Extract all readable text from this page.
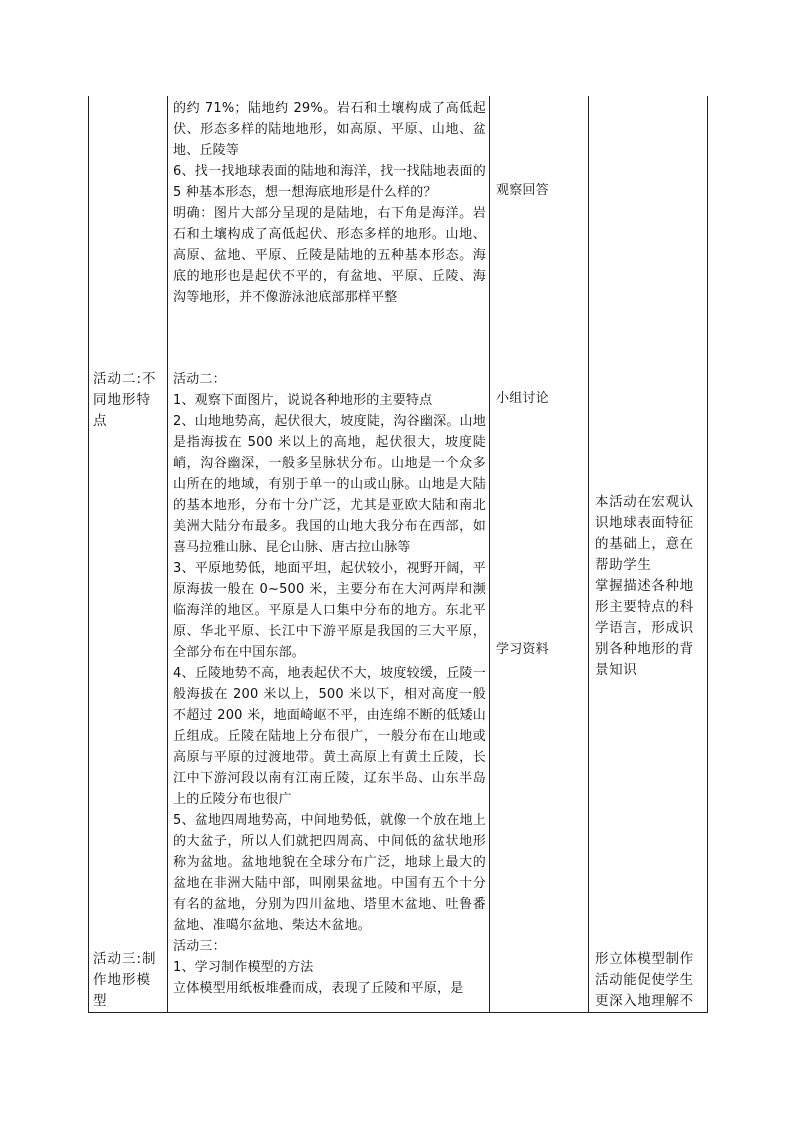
活动二:不同地形特点
活动三:制作地形模型

的约 71%；陆地约 29%。岩石和土壤构成了高低起伏、形态多样的陆地地形，如高原、平原、山地、盆地、丘陵等

6、找一找地球表面的陆地和海洋，找一找陆地表面的 5 种基本形态，想一想海底地形是什么样的？

明确：图片大部分呈现的是陆地，右下角是海洋。岩石和土壤构成了高低起伏、形态多样的地形。山地、高原、盆地、平原、丘陵是陆地的五种基本形态。海底的地形也是起伏不平的，有盆地、平原、丘陵、海沟等地形，并不像游泳池底部那样平整

活动二：

1、观察下面图片，说说各种地形的主要特点

2、山地地势高，起伏很大，坡度陡，沟谷幽深。山地是指海拔在 500 米以上的高地，起伏很大，坡度陡峭，沟谷幽深，一般多呈脉状分布。山地是一个众多山所在的地域，有别于单一的山或山脉。山地是大陆的基本地形，分布十分广泛，尤其是亚欧大陆和南北美洲大陆分布最多。我国的山地大我分布在西部，如喜马拉雅山脉、昆仑山脉、唐古拉山脉等

3、平原地势低，地面平坦，起伏较小，视野开阔，平原海拔一般在 0~500 米，主要分布在大河两岸和濒临海洋的地区。平原是人口集中分布的地方。东北平原、华北平原、长江中下游平原是我国的三大平原，全部分布在中国东部。

4、丘陵地势不高，地表起伏不大，坡度较缓，丘陵一般海拔在 200 米以上，500 米以下，相对高度一般不超过 200 米，地面崎岖不平，由连绵不断的低矮山丘组成。丘陵在陆地上分布很广，一般分布在山地或高原与平原的过渡地带。黄土高原上有黄土丘陵，长江中下游河段以南有江南丘陵，辽东半岛、山东半岛上的丘陵分布也很广

5、盆地四周地势高，中间地势低，就像一个放在地上的大盆子，所以人们就把四周高、中间低的盆状地形称为盆地。盆地地貌在全球分布广泛，地球上最大的盆地在非洲大陆中部，叫刚果盆地。中国有五个十分有名的盆地，分别为四川盆地、塔里木盆地、吐鲁番盆地、准噶尔盆地、柴达木盆地。

活动三：

1、学习制作模型的方法

立体模型用纸板堆叠而成，表现了丘陵和平原，是

观察回答
小组讨论
学习资料
本活动在宏观认识地球表面特征的基础上，意在帮助学生
掌握描述各种地形主要特点的科学语言，形成识别各种地形的背景知识
形立体模型制作活动能促使学生更深入地理解不
